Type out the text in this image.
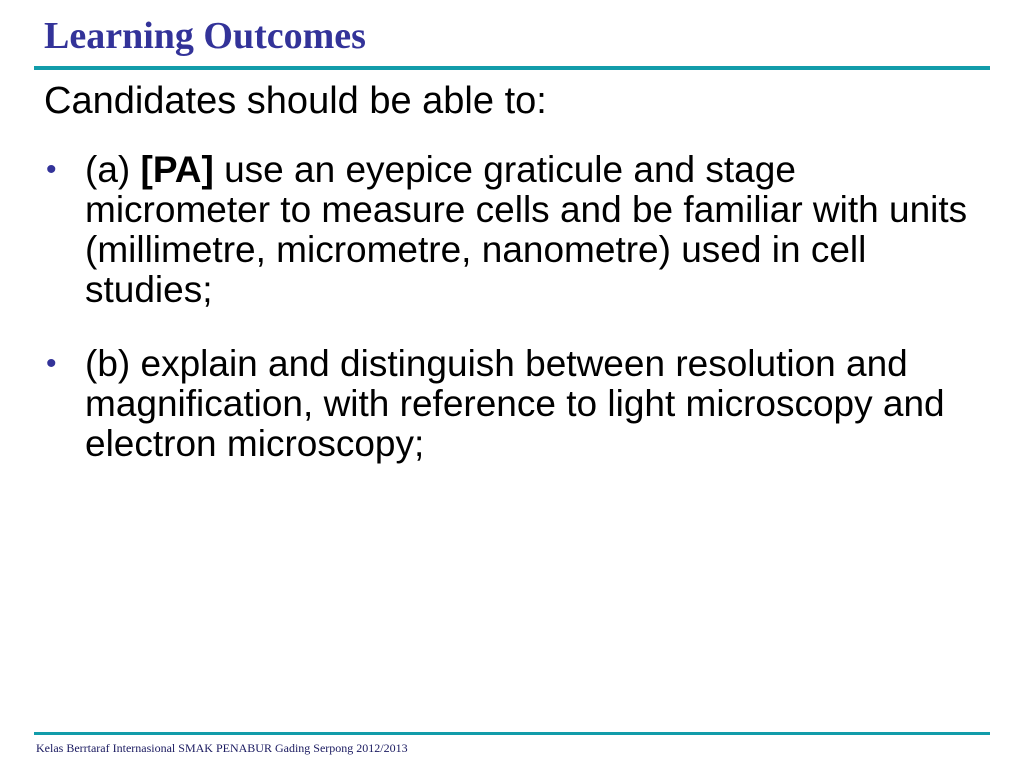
Learning Outcomes

Candidates should be able to:

• (a) [PA] use an eyepice graticule and stage micrometer to measure cells and be familiar with units (millimetre, micrometre, nanometre) used in cell studies;
• (b) explain and distinguish between resolution and magnification, with reference to light microscopy and electron microscopy;

Kelas Berrtaraf Internasional SMAK PENABUR Gading Serpong 2012/2013
